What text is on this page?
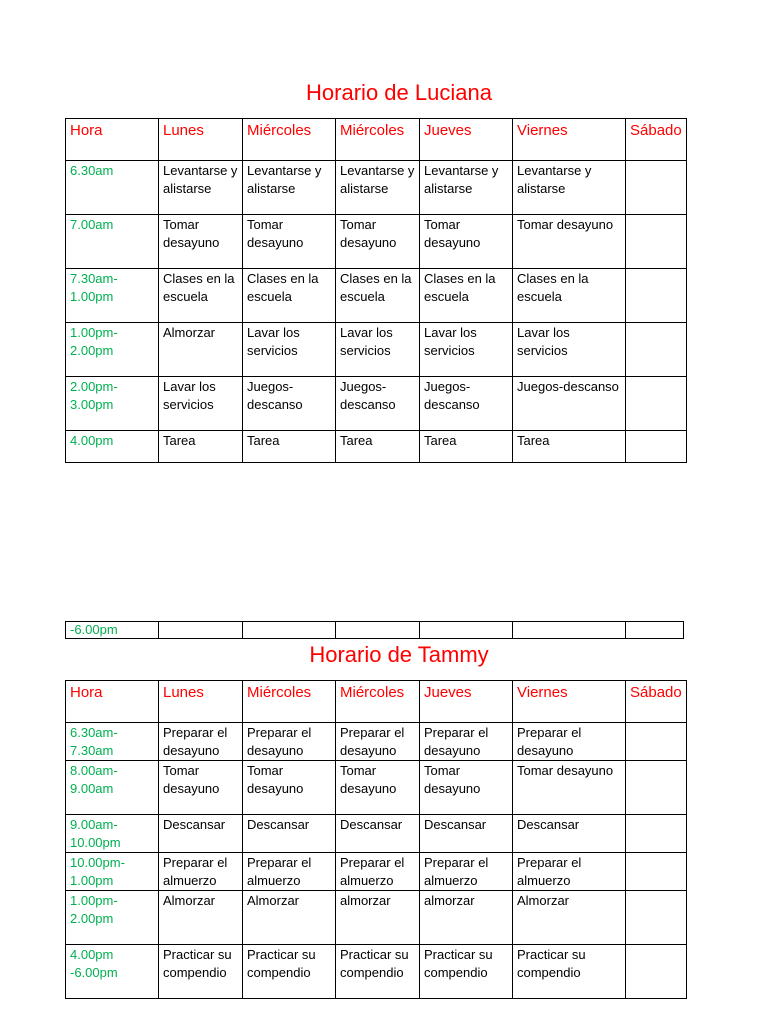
Horario de Luciana
Hora	Lunes	Miércoles	Miércoles	Jueves	Viernes	Sábado
6.30am	Levantarse y alistarse	Levantarse y alistarse	Levantarse y alistarse	Levantarse y alistarse	Levantarse y alistarse	
7.00am	Tomar desayuno	Tomar desayuno	Tomar desayuno	Tomar desayuno	Tomar desayuno	
7.30am-1.00pm	Clases en la escuela	Clases en la escuela	Clases en la escuela	Clases en la escuela	Clases en la escuela	
1.00pm-2.00pm	Almorzar	Lavar los servicios	Lavar los servicios	Lavar los servicios	Lavar los servicios	
2.00pm-3.00pm	Lavar los servicios	Juegos-descanso	Juegos-descanso	Juegos-descanso	Juegos-descanso	
4.00pm	Tarea	Tarea	Tarea	Tarea	Tarea	
-6.00pm						
Horario de Tammy
Hora	Lunes	Miércoles	Miércoles	Jueves	Viernes	Sábado
6.30am-7.30am	Preparar el desayuno	Preparar el desayuno	Preparar el desayuno	Preparar el desayuno	Preparar el desayuno	
8.00am-9.00am	Tomar desayuno	Tomar desayuno	Tomar desayuno	Tomar desayuno	Tomar desayuno	
9.00am-10.00pm	Descansar	Descansar	Descansar	Descansar	Descansar	
10.00pm-1.00pm	Preparar el almuerzo	Preparar el almuerzo	Preparar el almuerzo	Preparar el almuerzo	Preparar el almuerzo	
1.00pm-2.00pm	Almorzar	Almorzar	almorzar	almorzar	Almorzar	
4.00pm -6.00pm	Practicar su compendio	Practicar su compendio	Practicar su compendio	Practicar su compendio	Practicar su compendio	
